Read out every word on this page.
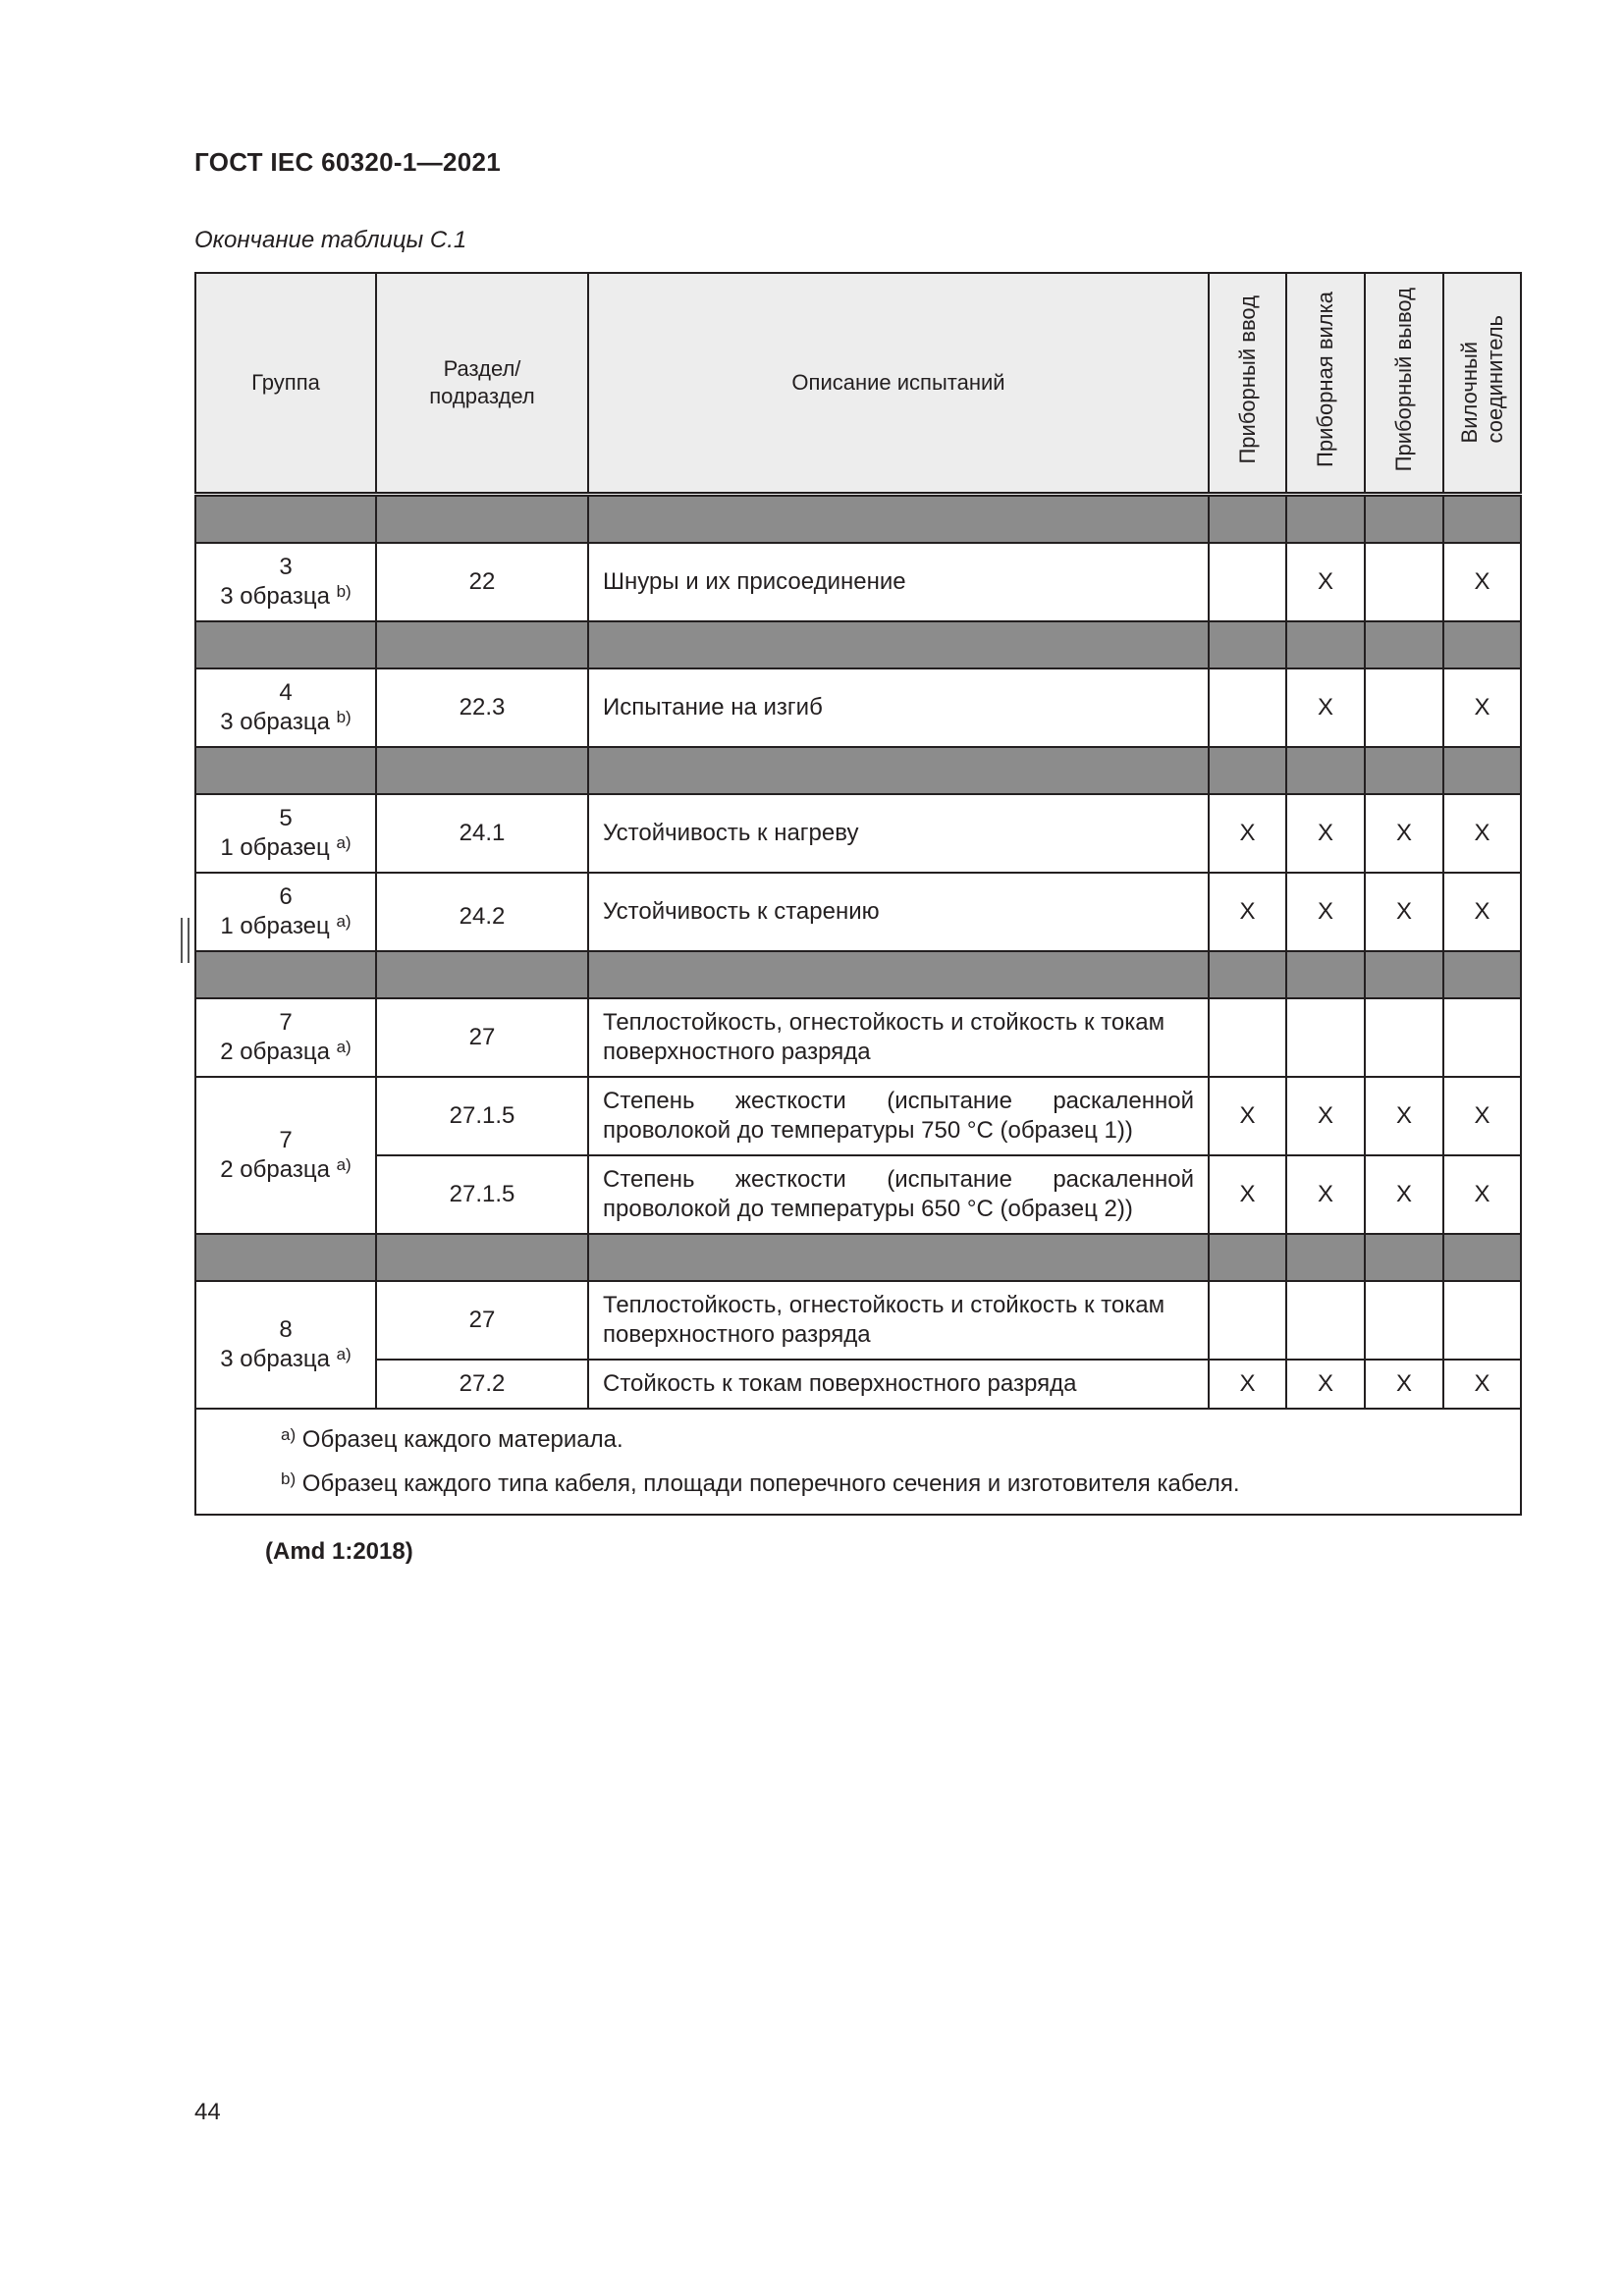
ГОСТ IEC 60320-1—2021
Окончание таблицы С.1
Группа	Раздел/
подраздел	Описание испытаний	Приборный ввод	Приборная вилка	Приборный вывод	Вилочный
соединитель

3
3 образца $^{b)}$	22	Шнуры и их присоединение		X		X

4
3 образца $^{b)}$	22.3	Испытание на изгиб		X		X

5
1 образец $^{a)}$	24.1	Устойчивость к нагреву	X	X	X	X
6
1 образец $^{a)}$	24.2	Устойчивость к старению	X	X	X	X

7
2 образца $^{a)}$	27	Теплостойкость, огнестойкость и стойкость к токам поверхностного разряда				
7
2 образца $^{a)}$	27.1.5	Степень жесткости (испытание раскаленной проволокой до температуры 750 °С (образец 1))	X	X	X	X
	27.1.5	Степень жесткости (испытание раскаленной проволокой до температуры 650 °С (образец 2))	X	X	X	X

8
3 образца $^{a)}$	27	Теплостойкость, огнестойкость и стойкость к токам поверхностного разряда				
	27.2	Стойкость к токам поверхностного разряда	X	X	X	X

$^{a)}$ Образец каждого материала.
$^{b)}$ Образец каждого типа кабеля, площади поперечного сечения и изготовителя кабеля.						
(Amd 1:2018)
44
